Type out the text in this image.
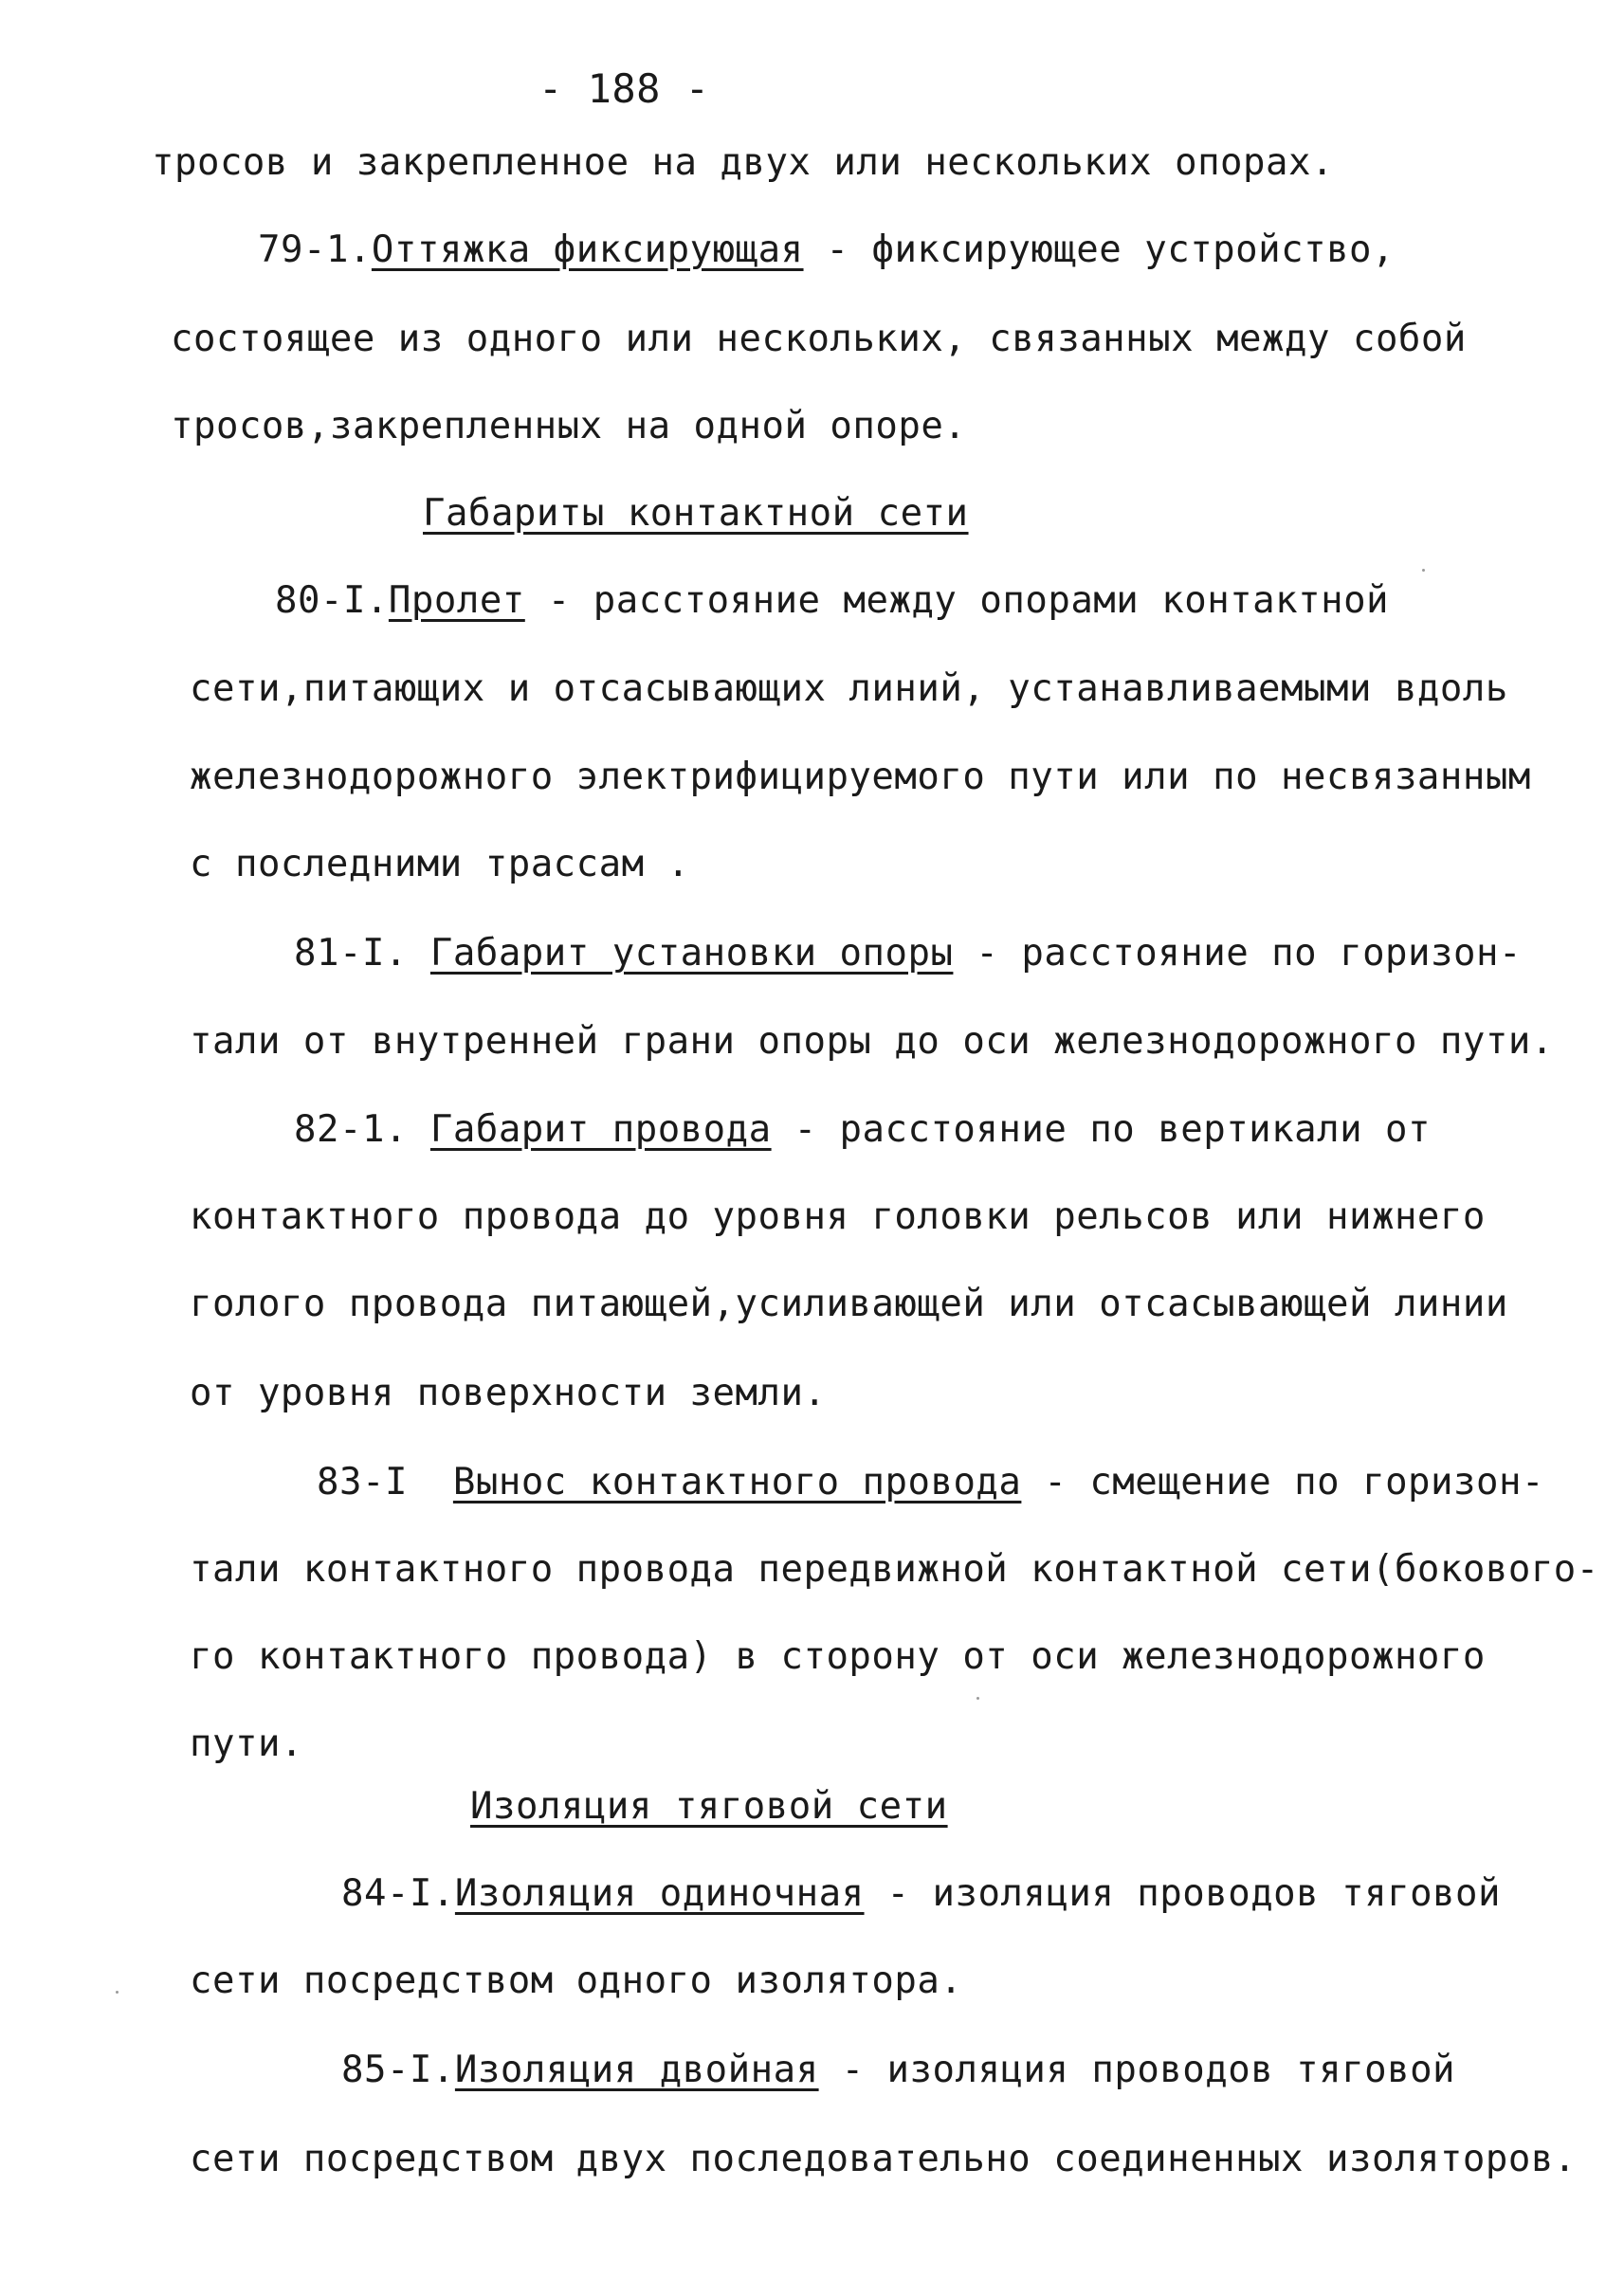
- 188 -
тросов и закрепленное на двух или нескольких опорах.
79-1.Оттяжка фиксирующая - фиксирующее устройство,
состоящее из одного или нескольких, связанных между собой
тросов,закрепленных на одной опоре.
Габариты контактной сети
80-I.Пролет - расстояние между опорами контактной
сети,питающих и отсасывающих линий, устанавливаемыми вдоль
железнодорожного электрифицируемого пути или по несвязанным
с последними трассам .
81-I. Габарит установки опоры - расстояние по горизон-
тали от внутренней грани опоры до оси железнодорожного пути.
82-1. Габарит провода - расстояние по вертикали от
контактного провода до уровня головки рельсов или нижнего
голого провода питающей,усиливающей или отсасывающей линии
от уровня поверхности земли.
83-I Вынос контактного провода - смещение по горизон-
тали контактного провода передвижной контактной сети(бокового-
го контактного провода) в сторону от оси железнодорожного
пути.
Изоляция тяговой сети
84-I.Изоляция одиночная - изоляция проводов тяговой
сети посредством одного изолятора.
85-I.Изоляция двойная - изоляция проводов тяговой
сети посредством двух последовательно соединенных изоляторов.
